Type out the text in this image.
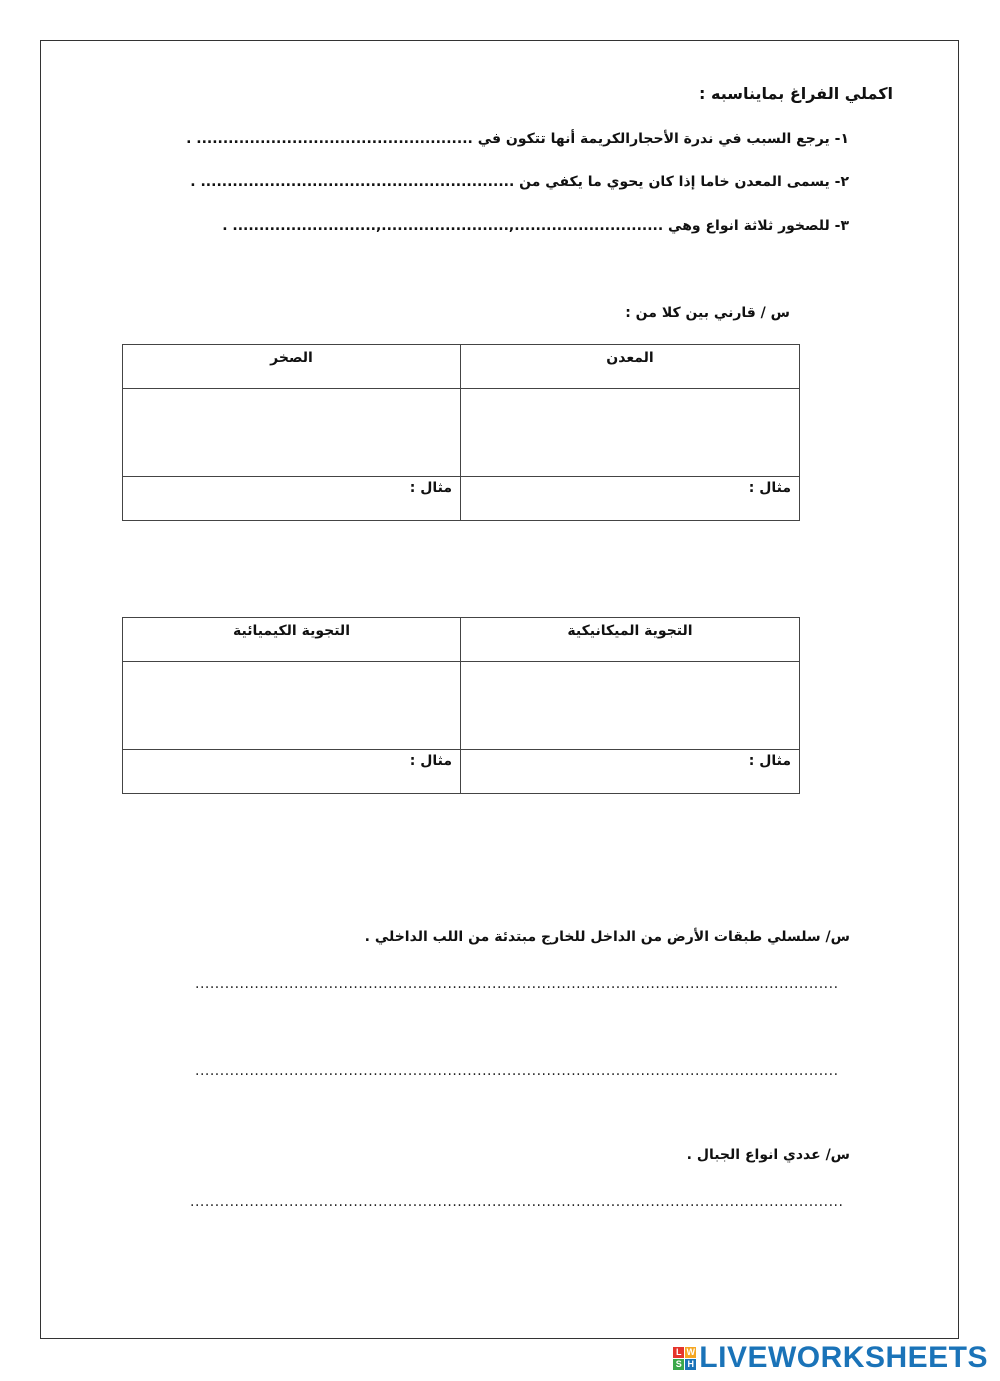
اكملي الفراغ بمايناسبه :
١- يرجع السبب في ندرة الأحجارالكريمة أنها تتكون في .................................................... .
٢- يسمى المعدن خاما إذا كان يحوي ما يكفي من ........................................................... .
٣- للصخور ثلاثة انواع وهي ............................,........................,........................... .
س / قارني بين كلا من :
المعدن	الصخر

مثال :	مثال :
التجوية الميكانيكية	التجوية الكيميائية

مثال :	مثال :
س/ سلسلي طبقات الأرض من الداخل للخارج مبتدئة من اللب الداخلي .
..................................................................................................................................
..................................................................................................................................
س/ عددي انواع الجبال .
....................................................................................................................................
L W
S H LIVEWORKSHEETS
